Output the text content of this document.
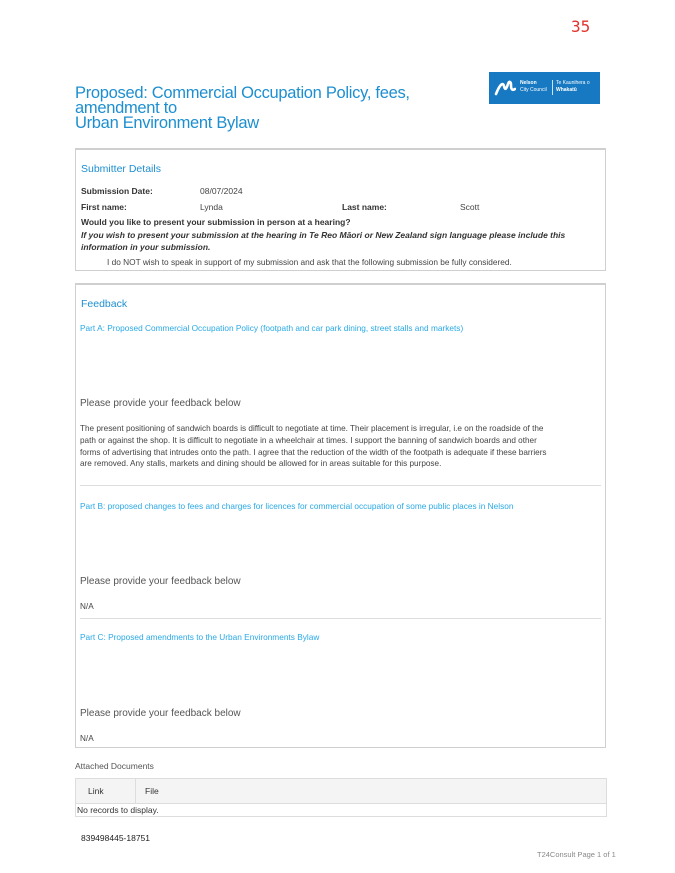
35
Proposed: Commercial Occupation Policy, fees, amendment to
Urban Environment Bylaw
Nelson
City Council
Te Kaunihera o
Whakatū
Submitter Details
Submission Date:	08/07/2024
First name:	Lynda	Last name:	Scott
Would you like to present your submission in person at a hearing?
If you wish to present your submission at the hearing in Te Reo Māori or New Zealand sign language please include this information in your submission.
I do NOT wish to speak in support of my submission and ask that the following submission be fully considered.
Feedback
Part A: Proposed Commercial Occupation Policy (footpath and car park dining, street stalls and markets)
Please provide your feedback below
The present positioning of sandwich boards is difficult to negotiate at time. Their placement is irregular, i.e on the roadside of the path or against the shop. It is difficult to negotiate in a wheelchair at times. I support the banning of sandwich boards and other forms of advertising that intrudes onto the path. I agree that the reduction of the width of the footpath is adequate if these barriers are removed. Any stalls, markets and dining should be allowed for in areas suitable for this purpose.
Part B: proposed changes to fees and charges for licences for commercial occupation of some public places in Nelson
Please provide your feedback below
N/A
Part C: Proposed amendments to the Urban Environments Bylaw
Please provide your feedback below
N/A
Attached Documents
Link	File
No records to display.
839498445-18751
T24Consult Page 1 of 1
